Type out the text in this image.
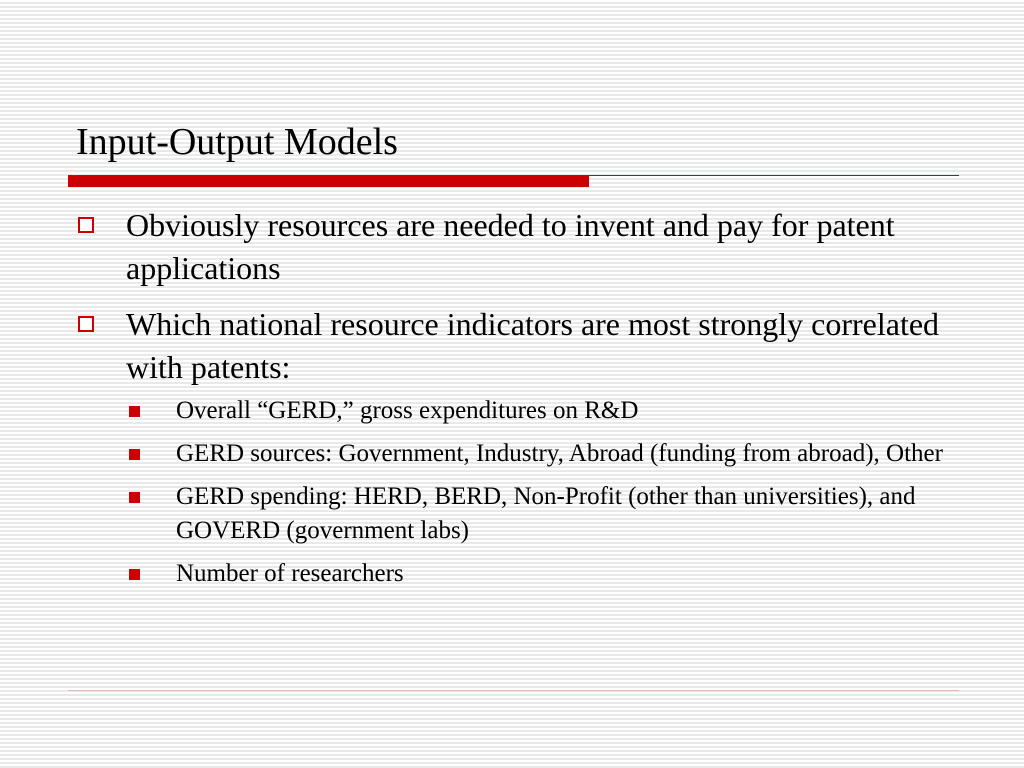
Input-Output Models
Obviously resources are needed to invent and pay for patent applications
Which national resource indicators are most strongly correlated with patents:
Overall “GERD,” gross expenditures on R&D
GERD sources: Government, Industry, Abroad (funding from abroad), Other
GERD spending: HERD, BERD, Non-Profit (other than universities), and GOVERD (government labs)
Number of researchers
